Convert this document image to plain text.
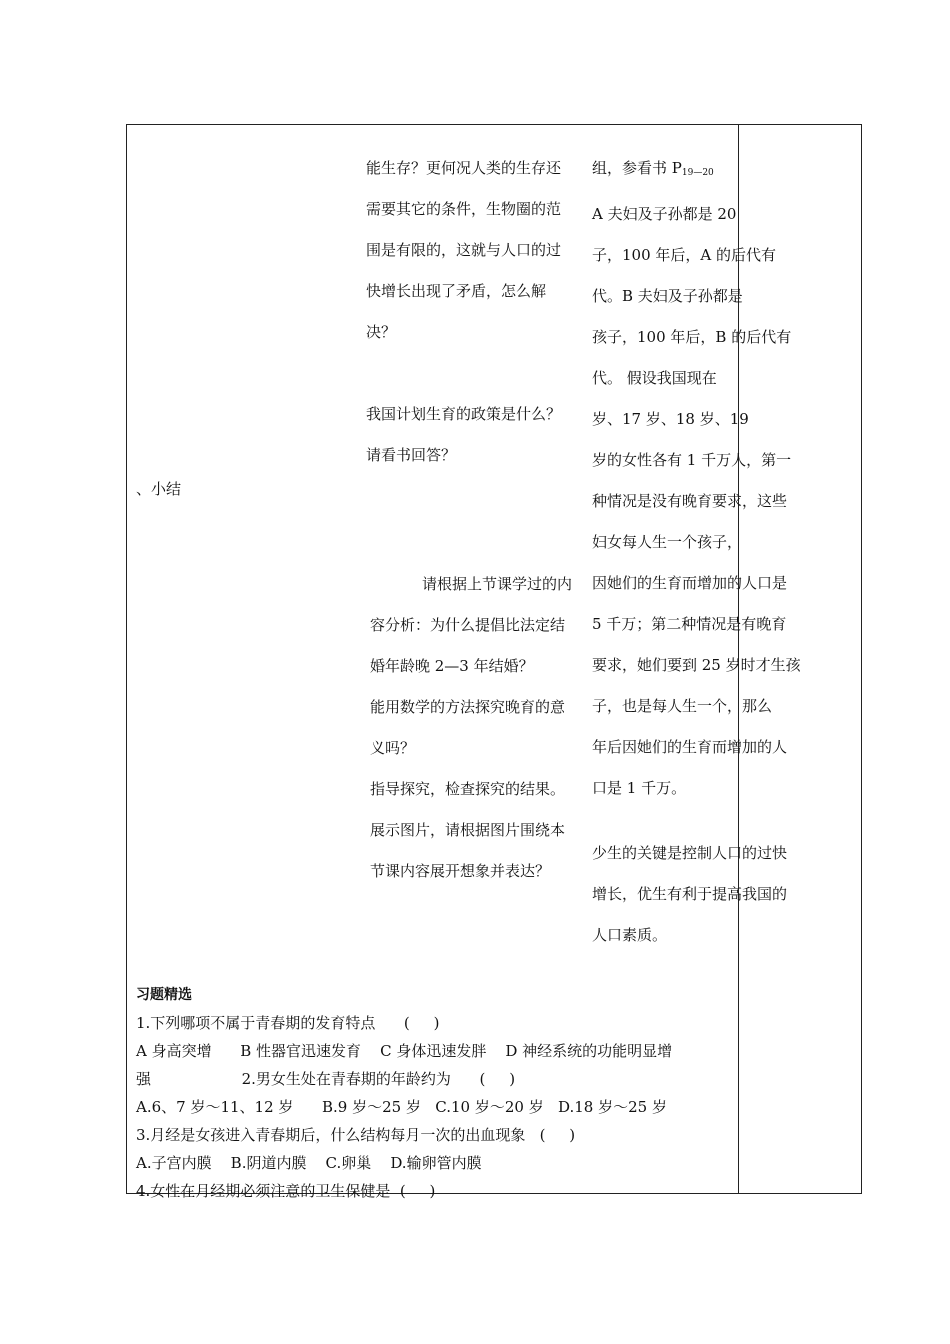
能生存？更何况人类的生存还

需要其它的条件，生物圈的范

围是有限的，这就与人口的过

快增长出现了矛盾，怎么解

决？

我国计划生育的政策是什么？

请看书回答？

、小结

请根据上节课学过的内

容分析：为什么提倡比法定结

婚年龄晚 2—3 年结婚？

能用数学的方法探究晚育的意

义吗？

指导探究，检查探究的结果。

展示图片，请根据图片围绕本

节课内容展开想象并表达？

组，参看书 $P_{19—20}$

A 夫妇及子孙都是 20

子，100 年后，A 的后代有

代。B 夫妇及子孙都是

孩子，100 年后，B 的后代有

代。 假设我国现在

岁、17 岁、18 岁、19

岁的女性各有 1 千万人，第一

种情况是没有晚育要求，这些

妇女每人生一个孩子，

因她们的生育而增加的人口是

5 千万；第二种情况是有晚育

要求，她们要到 25 岁时才生孩

子，也是每人生一个，那么

年后因她们的生育而增加的人

口是 1 千万。

少生的关键是控制人口的过快

增长，优生有利于提高我国的

人口素质。

习题精选

1.下列哪项不属于青春期的发育特点      (     )

A 身高突增      B 性器官迅速发育    C 身体迅速发胖    D 神经系统的功能明显增

强                   2.男女生处在青春期的年龄约为      (     )

A.6、7 岁～11、12 岁      B.9 岁～25 岁   C.10 岁～20 岁   D.18 岁～25 岁

3.月经是女孩进入青春期后，什么结构每月一次的出血现象   (     )

A.子宫内膜    B.阴道内膜    C.卵巢    D.输卵管内膜

4.女性在月经期必须注意的卫生保健是  (     )
